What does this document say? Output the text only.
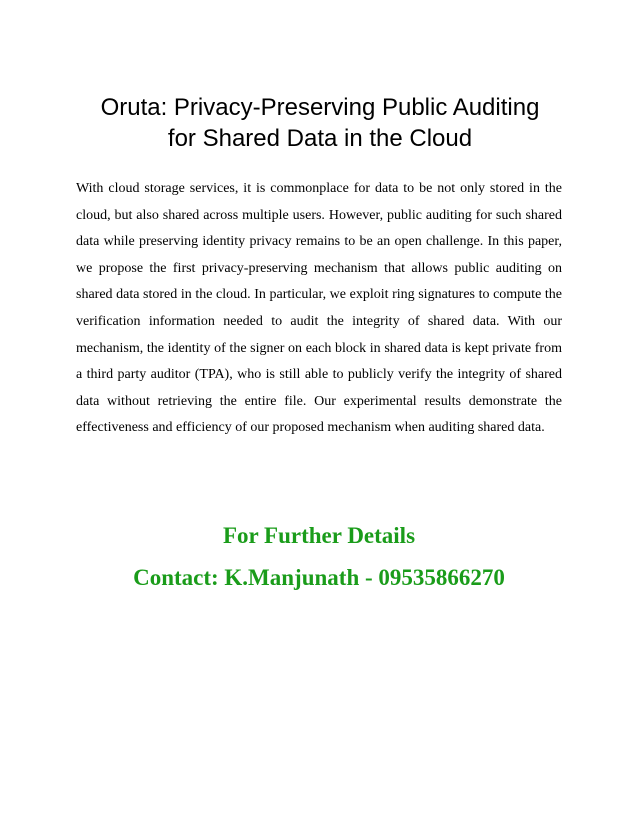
Oruta: Privacy-Preserving Public Auditing
for Shared Data in the Cloud

With cloud storage services, it is commonplace for data to be not only stored in the cloud, but also shared across multiple users. However, public auditing for such shared data while preserving identity privacy remains to be an open challenge. In this paper, we propose the first privacy-preserving mechanism that allows public auditing on shared data stored in the cloud. In particular, we exploit ring signatures to compute the verification information needed to audit the integrity of shared data. With our mechanism, the identity of the signer on each block in shared data is kept private from a third party auditor (TPA), who is still able to publicly verify the integrity of shared data without retrieving the entire file. Our experimental results demonstrate the effectiveness and efficiency of our proposed mechanism when auditing shared data.

For Further Details

Contact: K.Manjunath - 09535866270
